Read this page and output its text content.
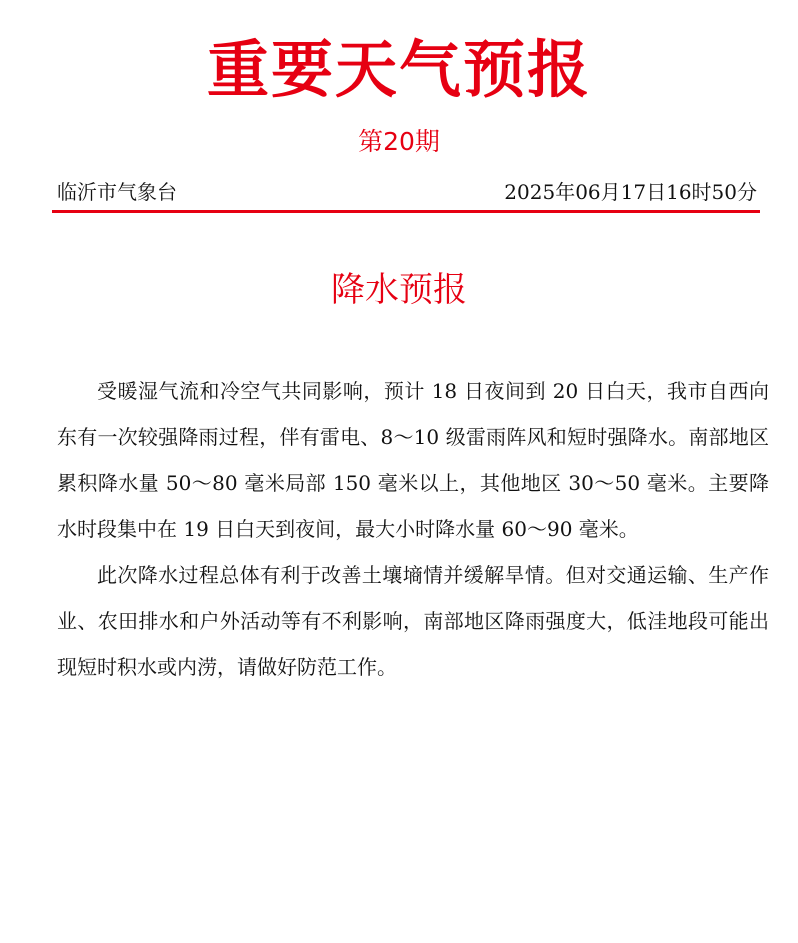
重要天气预报
第20期
临沂市气象台	2025年06月17日16时50分
降水预报

受暖湿气流和冷空气共同影响，预计 18 日夜间到 20 日白天，我市自西向东有一次较强降雨过程，伴有雷电、8～10 级雷雨阵风和短时强降水。南部地区累积降水量 50～80 毫米局部 150 毫米以上，其他地区 30～50 毫米。主要降水时段集中在 19 日白天到夜间，最大小时降水量 60～90 毫米。

此次降水过程总体有利于改善土壤墒情并缓解旱情。但对交通运输、生产作业、农田排水和户外活动等有不利影响，南部地区降雨强度大，低洼地段可能出现短时积水或内涝，请做好防范工作。
